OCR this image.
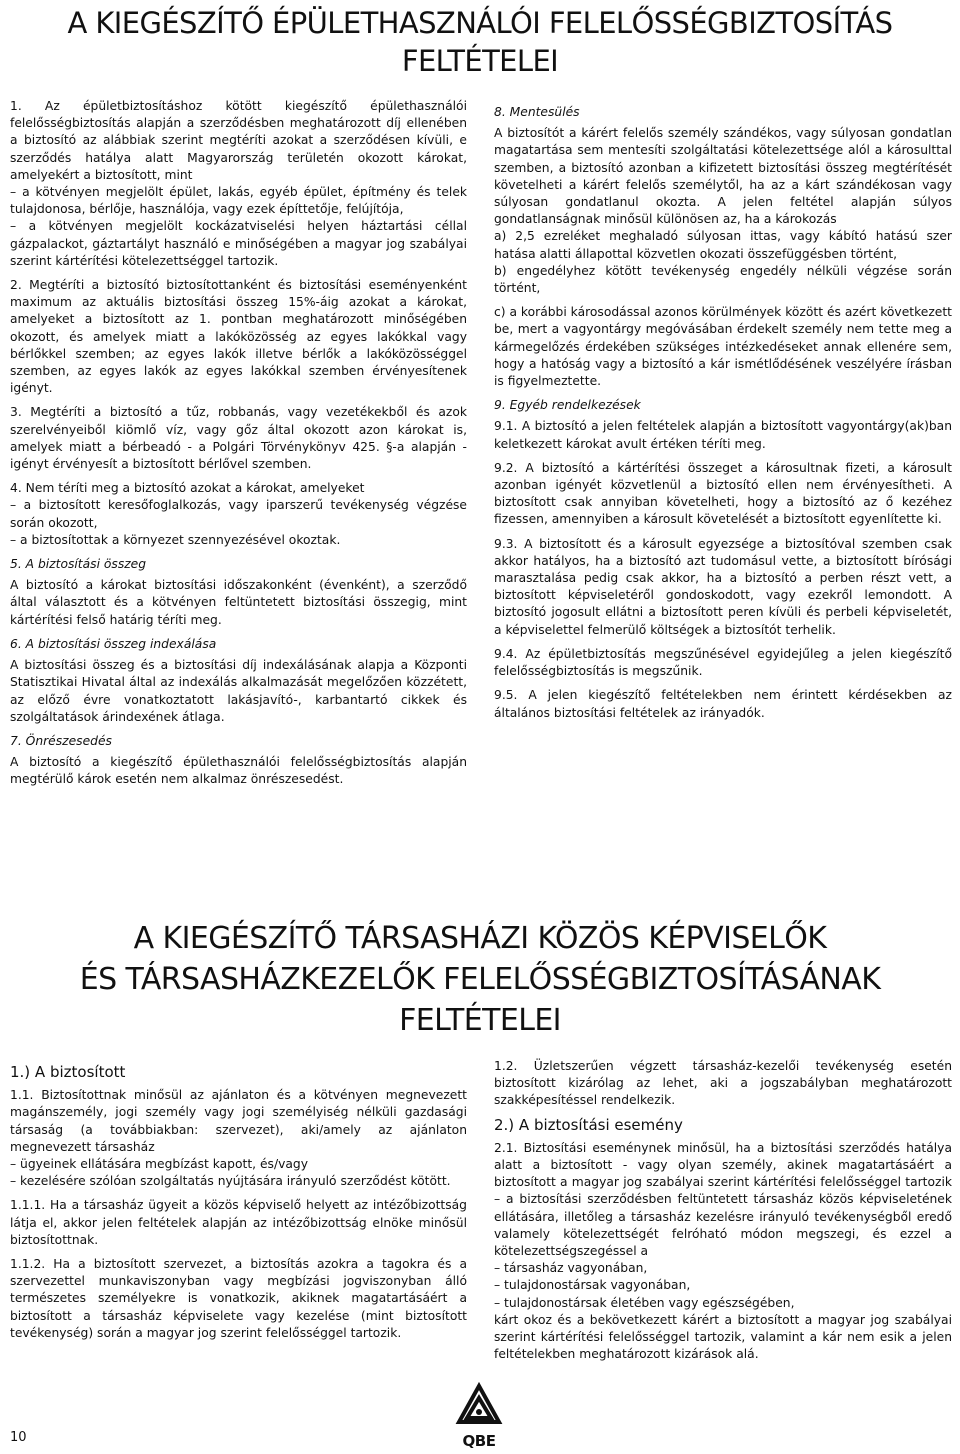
A KIEGÉSZÍTŐ ÉPÜLETHASZNÁLÓI FELELŐSSÉGBIZTOSÍTÁS
FELTÉTELEI

1. Az épületbiztosításhoz kötött kiegészítő épülethasználói felelősségbiztosítás alapján a szerződésben meghatározott díj ellenében a biztosító az alábbiak szerint megtéríti azokat a szerződésen kívüli, e szerződés hatálya alatt Magyarország területén okozott károkat, amelyekért a biztosított, mint

– a kötvényen megjelölt épület, lakás, egyéb épület, építmény és telek tulajdonosa, bérlője, használója, vagy ezek építtetője, felújítója,

– a kötvényen megjelölt kockázatviselési helyen háztartási céllal gázpalackot, gáztartályt használó e minőségében a magyar jog szabályai szerint kártérítési kötelezettséggel tartozik.

2. Megtéríti a biztosító biztosítottanként és biztosítási eseményenként maximum az aktuális biztosítási összeg 15%-áig azokat a károkat, amelyeket a biztosított az 1. pontban meghatározott minőségében okozott, és amelyek miatt a lakóközösség az egyes lakókkal vagy bérlőkkel szemben; az egyes lakók illetve bérlők a lakóközösséggel szemben, az egyes lakók az egyes lakókkal szemben érvényesítenek igényt.

3. Megtéríti a biztosító a tűz, robbanás, vagy vezetékekből és azok szerelvényeiből kiömlő víz, vagy gőz által okozott azon károkat is, amelyek miatt a bérbeadó - a Polgári Törvénykönyv 425. §-a alapján - igényt érvényesít a biztosított bérlővel szemben.

4. Nem téríti meg a biztosító azokat a károkat, amelyeket

– a biztosított keresőfoglalkozás, vagy iparszerű tevékenység végzése során okozott,

– a biztosítottak a környezet szennyezésével okoztak.

5. A biztosítási összeg

A biztosító a károkat biztosítási időszakonként (évenként), a szerződő által választott és a kötvényen feltüntetett biztosítási összegig, mint kártérítési felső határig téríti meg.

6. A biztosítási összeg indexálása

A biztosítási összeg és a biztosítási díj indexálásának alapja a Központi Statisztikai Hivatal által az indexálás alkalmazását megelőzően közzétett, az előző évre vonatkoztatott lakásjavító-, karbantartó cikkek és szolgáltatások árindexének átlaga.

7. Önrészesedés

A biztosító a kiegészítő épülethasználói felelősségbiztosítás alapján megtérülő károk esetén nem alkalmaz önrészesedést.

8. Mentesülés

A biztosítót a kárért felelős személy szándékos, vagy súlyosan gondatlan magatartása sem mentesíti szolgáltatási kötelezettsége alól a károsulttal szemben, a biztosító azonban a kifizetett biztosítási összeg megtérítését követelheti a kárért felelős személytől, ha az a kárt szándékosan vagy súlyosan gondatlanul okozta. A jelen feltétel alapján súlyos gondatlanságnak minősül különösen az, ha a károkozás

a) 2,5 ezreléket meghaladó súlyosan ittas, vagy kábító hatású szer hatása alatti állapottal közvetlen okozati összefüggésben történt,

b) engedélyhez kötött tevékenység engedély nélküli végzése során történt,

c) a korábbi károsodással azonos körülmények között és azért következett be, mert a vagyontárgy megóvásában érdekelt személy nem tette meg a kármegelőzés érdekében szükséges intézkedéseket annak ellenére sem, hogy a hatóság vagy a biztosító a kár ismétlődésének veszélyére írásban is figyelmeztette.

9. Egyéb rendelkezések

9.1. A biztosító a jelen feltételek alapján a biztosított vagyontárgy(ak)ban keletkezett károkat avult értéken téríti meg.

9.2. A biztosító a kártérítési összeget a károsultnak fizeti, a károsult azonban igényét közvetlenül a biztosító ellen nem érvényesítheti. A biztosított csak annyiban követelheti, hogy a biztosító az ő kezéhez fizessen, amennyiben a károsult követelését a biztosított egyenlítette ki.

9.3. A biztosított és a károsult egyezsége a biztosítóval szemben csak akkor hatályos, ha a biztosító azt tudomásul vette, a biztosított bírósági marasztalása pedig csak akkor, ha a biztosító a perben részt vett, a biztosított képviseletéről gondoskodott, vagy ezekről lemondott. A biztosító jogosult ellátni a biztosított peren kívüli és perbeli képviseletét, a képviselettel felmerülő költségek a biztosítót terhelik.

9.4. Az épületbiztosítás megszűnésével egyidejűleg a jelen kiegészítő felelősségbiztosítás is megszűnik.

9.5. A jelen kiegészítő feltételekben nem érintett kérdésekben az általános biztosítási feltételek az irányadók.

A KIEGÉSZÍTŐ TÁRSASHÁZI KÖZÖS KÉPVISELŐK
ÉS TÁRSASHÁZKEZELŐK FELELŐSSÉGBIZTOSÍTÁSÁNAK
FELTÉTELEI
1.) A biztosított

1.1. Biztosítottnak minősül az ajánlaton és a kötvényen megnevezett magánszemély, jogi személy vagy jogi személyiség nélküli gazdasági társaság (a továbbiakban: szervezet), aki/amely az ajánlaton megnevezett társasház

– ügyeinek ellátására megbízást kapott, és/vagy

– kezelésére szólóan szolgáltatás nyújtására irányuló szerződést kötött.

1.1.1. Ha a társasház ügyeit a közös képviselő helyett az intézőbizottság látja el, akkor jelen feltételek alapján az intézőbizottság elnöke minősül biztosítottnak.

1.1.2. Ha a biztosított szervezet, a biztosítás azokra a tagokra és a szervezettel munkaviszonyban vagy megbízási jogviszonyban álló természetes személyekre is vonatkozik, akiknek magatartásáért a biztosított a társasház képviselete vagy kezelése (mint biztosított tevékenység) során a magyar jog szerint felelősséggel tartozik.

1.2. Üzletszerűen végzett társasház-kezelői tevékenység esetén biztosított kizárólag az lehet, aki a jogszabályban meghatározott szakképesítéssel rendelkezik.

2.) A biztosítási esemény

2.1. Biztosítási eseménynek minősül, ha a biztosítási szerződés hatálya alatt a biztosított - vagy olyan személy, akinek magatartásáért a biztosított a magyar jog szabályai szerint kártérítési felelősséggel tartozik – a biztosítási szerződésben feltüntetett társasház közös képviseletének ellátására, illetőleg a társasház kezelésre irányuló tevékenységből eredő valamely kötelezettségét felróható módon megszegi, és ezzel a kötelezettségszegéssel a

– társasház vagyonában,

– tulajdonostársak vagyonában,

– tulajdonostársak életében vagy egészségében,

kárt okoz és a bekövetkezett kárért a biztosított a magyar jog szabályai szerint kártérítési felelősséggel tartozik, valamint a kár nem esik a jelen feltételekben meghatározott kizárások alá.

10	QBE
